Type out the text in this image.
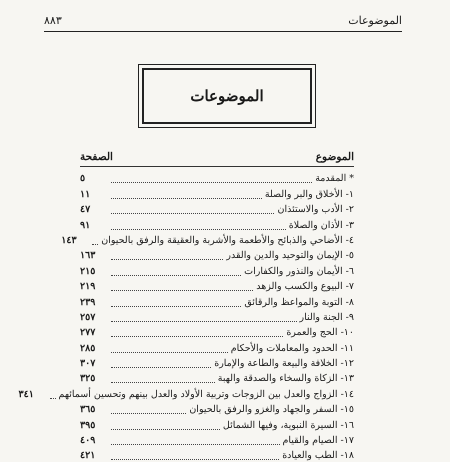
الموضوعات
٨٨٣
الموضوعات
الموضوع
الصفحة
* المقدمة
٥
١- الأخلاق والبر والصلة
١١
٢- الأدب والاستئذان
٤٧
٣- الأذان والصلاة
٩١
٤- الأضاحي والذبائح والأطعمة والأشربة والعقيقة والرفق بالحيوان
١٤٣
٥- الإيمان والتوحيد والدين والقدر
١٦٣
٦- الأيمان والنذور والكفارات
٢١٥
٧- البيوع والكسب والزهد
٢١٩
٨- التوبة والمواعظ والرقائق
٢٣٩
٩- الجنة والنار
٢٥٧
١٠- الحج والعمرة
٢٧٧
١١- الحدود والمعاملات والأحكام
٢٨٥
١٢- الخلافة والبيعة والطاعة والإمارة
٣٠٧
١٣- الزكاة والسخاء والصدقة والهبة
٣٢٥
١٤- الزواج والعدل بين الزوجات وتربية الأولاد والعدل بينهم وتحسين أسمائهم
٣٤١
١٥- السفر والجهاد والغزو والرفق بالحيوان
٣٦٥
١٦- السيرة النبوية، وفيها الشمائل
٣٩٥
١٧- الصيام والقيام
٤٠٩
١٨- الطب والعيادة
٤٢١
